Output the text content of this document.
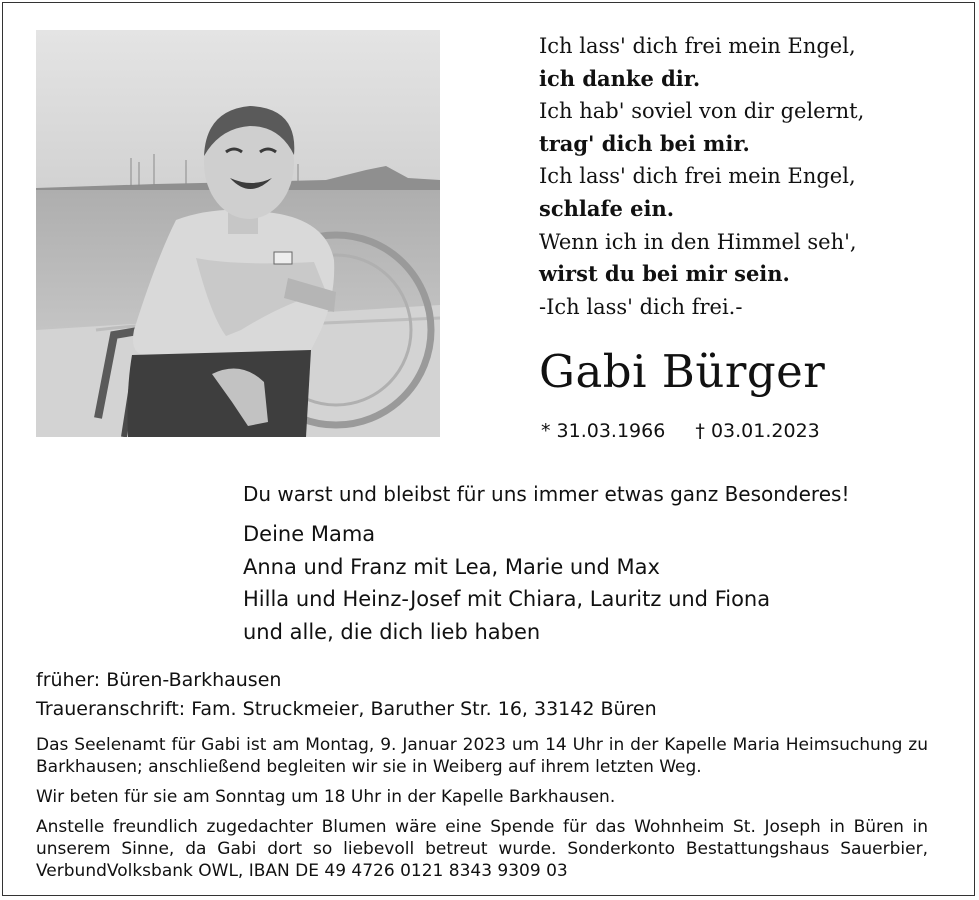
Ich lass' dich frei mein Engel,
ich danke dir.
Ich hab' soviel von dir gelernt,
trag' dich bei mir.
Ich lass' dich frei mein Engel,
schlafe ein.
Wenn ich in den Himmel seh',
wirst du bei mir sein.
-Ich lass' dich frei.-
Gabi Bürger
* 31.03.1966 † 03.01.2023
Du warst und bleibst für uns immer etwas ganz Besonderes!
Deine Mama
Anna und Franz mit Lea, Marie und Max
Hilla und Heinz-Josef mit Chiara, Lauritz und Fiona
und alle, die dich lieb haben
früher: Büren-Barkhausen
Traueranschrift: Fam. Struckmeier, Baruther Str. 16, 33142 Büren

Das Seelenamt für Gabi ist am Montag, 9. Januar 2023 um 14 Uhr in der Kapelle Maria Heimsuchung zu Barkhausen; anschließend begleiten wir sie in Weiberg auf ihrem letzten Weg.

Wir beten für sie am Sonntag um 18 Uhr in der Kapelle Barkhausen.

Anstelle freundlich zugedachter Blumen wäre eine Spende für das Wohnheim St. Joseph in Büren in unserem Sinne, da Gabi dort so liebevoll betreut wurde. Sonderkonto Bestattungshaus Sauerbier, VerbundVolksbank OWL, IBAN DE 49 4726 0121 8343 9309 03
